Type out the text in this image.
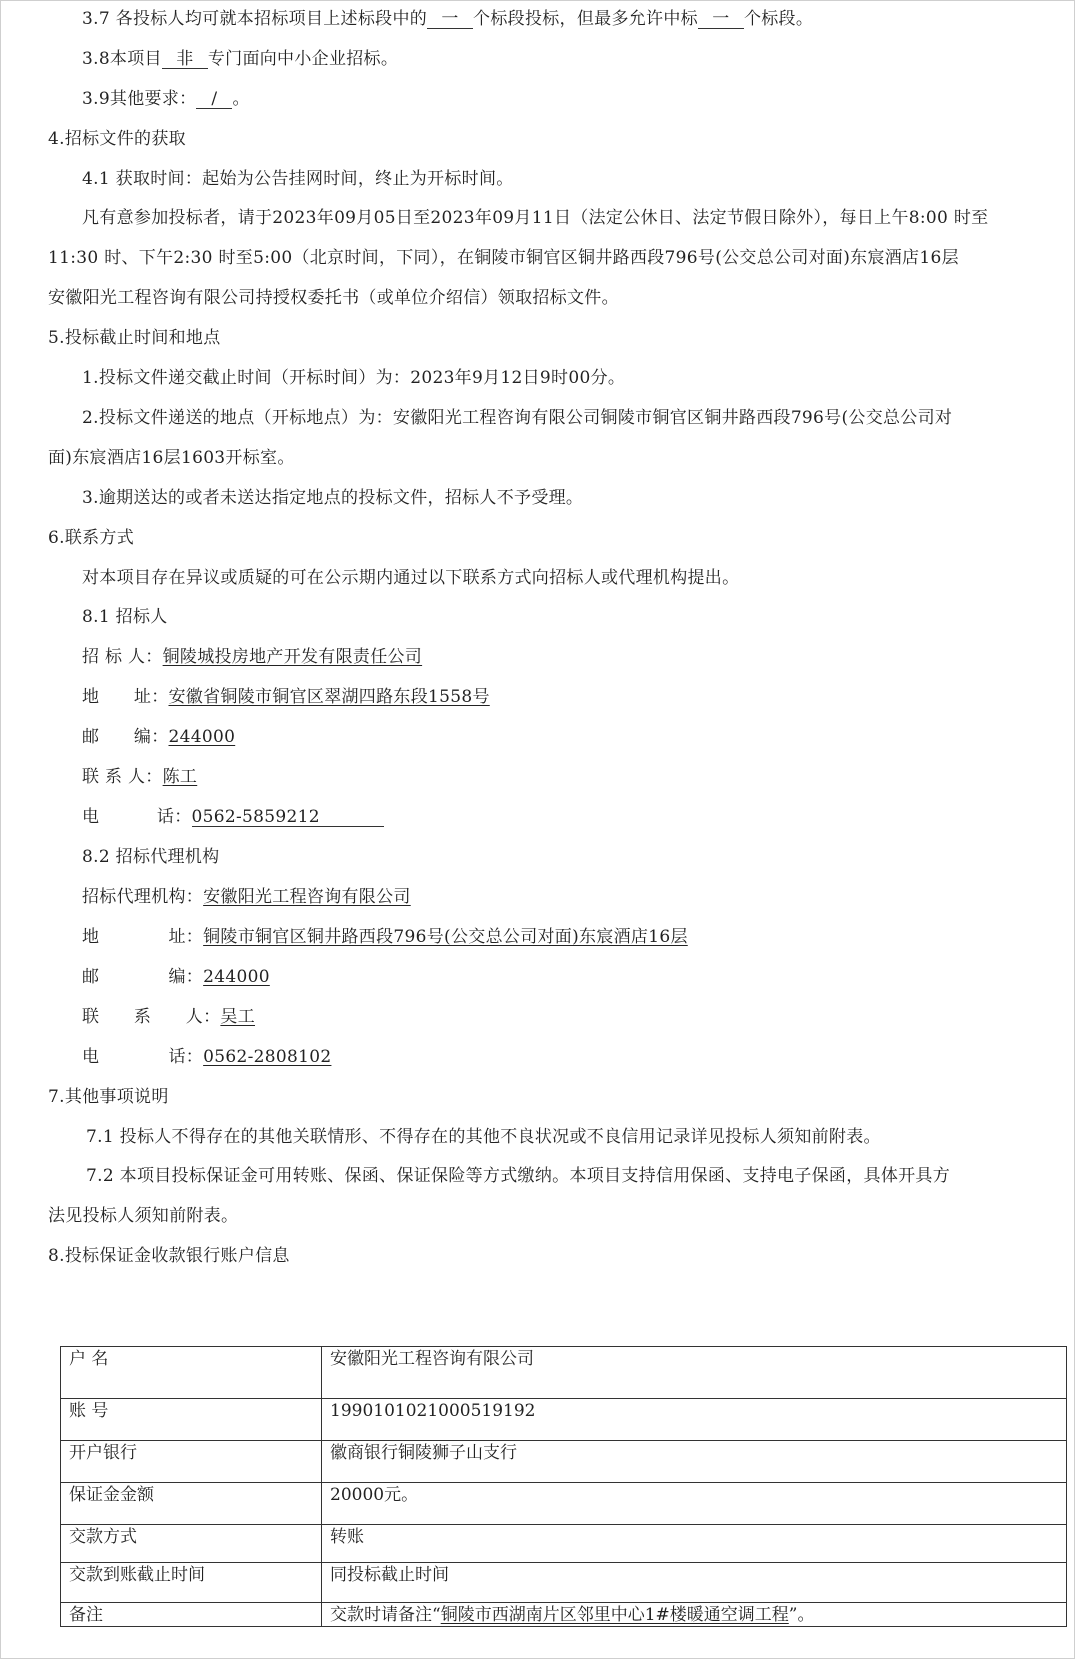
3.7 各投标人均可就本招标项目上述标段中的 一 个标段投标，但最多允许中标 一 个标段。
3.8本项目 非 专门面向中小企业招标。
3.9其他要求： / 。
4.招标文件的获取
4.1 获取时间：起始为公告挂网时间，终止为开标时间。
凡有意参加投标者，请于2023年09月05日至2023年09月11日（法定公休日、法定节假日除外），每日上午8:00 时至
11:30 时、下午2:30 时至5:00（北京时间，下同），在铜陵市铜官区铜井路西段796号(公交总公司对面)东宸酒店16层
安徽阳光工程咨询有限公司持授权委托书（或单位介绍信）领取招标文件。
5.投标截止时间和地点
1.投标文件递交截止时间（开标时间）为：2023年9月12日9时00分。
2.投标文件递送的地点（开标地点）为：安徽阳光工程咨询有限公司铜陵市铜官区铜井路西段796号(公交总公司对
面)东宸酒店16层1603开标室。
3.逾期送达的或者未送达指定地点的投标文件，招标人不予受理。
6.联系方式
对本项目存在异议或质疑的可在公示期内通过以下联系方式向招标人或代理机构提出。
8.1 招标人
招 标 人：铜陵城投房地产开发有限责任公司
地　　址：安徽省铜陵市铜官区翠湖四路东段1558号
邮　　编：244000
联 系 人：陈工
电　　　 话：0562-5859212
8.2 招标代理机构
招标代理机构：安徽阳光工程咨询有限公司
地　　　　址：铜陵市铜官区铜井路西段796号(公交总公司对面)东宸酒店16层
邮　　　　编：244000
联　　系　　人：吴工
电　　　　话：0562-2808102
7.其他事项说明
7.1 投标人不得存在的其他关联情形、不得存在的其他不良状况或不良信用记录详见投标人须知前附表。
7.2 本项目投标保证金可用转账、保函、保证保险等方式缴纳。本项目支持信用保函、支持电子保函，具体开具方
法见投标人须知前附表。
8.投标保证金收款银行账户信息
户 名	安徽阳光工程咨询有限公司
账 号	1990101021000519192
开户银行	徽商银行铜陵狮子山支行
保证金金额	20000元。
交款方式	转账
交款到账截止时间	同投标截止时间
备注	交款时请备注“铜陵市西湖南片区邻里中心1#楼暖通空调工程”。
